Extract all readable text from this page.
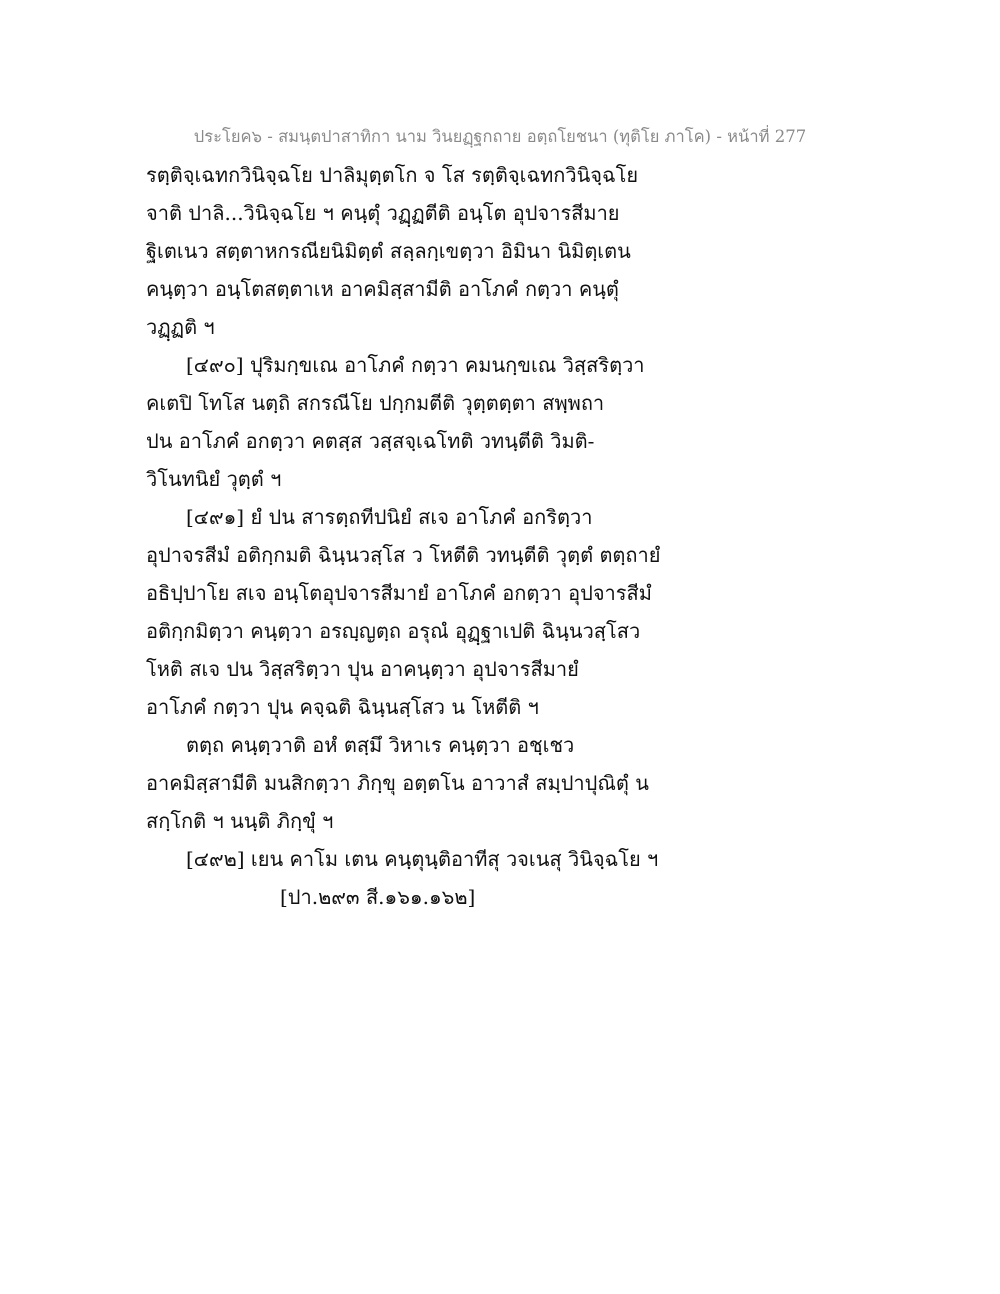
ประโยค๖ - สมนฺตปาสาทิกา นาม วินยฏฺฐกถาย อตฺถโยชนา (ทุติโย ภาโค) - หน้าที่ 277
รตฺติจฺเฉทกวินิจฺฉโย ปาลิมุตฺตโก จ โส รตฺติจฺเฉทกวินิจฺฉโย
จาติ ปาลิ...วินิจฺฉโย ฯ คนฺตุํ วฏฺฏตีติ อนฺโต อุปจารสีมาย
ฐิเตเนว สตฺตาหกรณียนิมิตฺตํ สลฺลกฺเขตฺวา อิมินา นิมิตฺเตน
คนฺตฺวา อนฺโตสตฺตาเห อาคมิสฺสามีติ อาโภคํ กตฺวา คนฺตุํ
วฏฺฏติ ฯ
[๔๙๐] ปุริมกฺขเณ อาโภคํ กตฺวา คมนกฺขเณ วิสฺสริตฺวา
คเตปิ โทโส นตฺถิ สกรณีโย ปกฺกมตีติ วุตฺตตฺตา สพฺพถา
ปน อาโภคํ อกตฺวา คตสฺส วสฺสจฺเฉโทติ วทนฺตีติ วิมติ-
วิโนทนิยํ วุตฺตํ ฯ
[๔๙๑] ยํ ปน สารตฺถทีปนิยํ สเจ อาโภคํ อกริตฺวา
อุปาจรสีมํ อติกฺกมติ ฉินฺนวสฺโส ว โหตีติ วทนฺตีติ วุตฺตํ ตตฺถายํ
อธิปฺปาโย สเจ อนฺโตอุปจารสีมายํ อาโภคํ อกตฺวา อุปจารสีมํ
อติกฺกมิตฺวา คนฺตฺวา อรญฺญตฺถ อรุณํ อุฏฺฐาเปติ ฉินฺนวสฺโสว
โหติ สเจ ปน วิสฺสริตฺวา ปุน อาคนฺตฺวา อุปจารสีมายํ
อาโภคํ กตฺวา ปุน คจฺฉติ ฉินฺนสฺโสว น โหตีติ ฯ
ตตฺถ คนฺตฺวาติ อหํ ตสฺมึ วิหาเร คนฺตฺวา อชฺเชว
อาคมิสฺสามีติ มนสิกตฺวา ภิกฺขุ อตฺตโน อาวาสํ สมฺปาปุณิตุํ น
สกฺโกติ ฯ นนฺติ ภิกฺขุํ ฯ
[๔๙๒] เยน คาโม เตน คนฺตุนฺติอาทีสุ วจเนสุ วินิจฺฉโย ฯ
[ปา.๒๙๓ สี.๑๖๑.๑๖๒]
